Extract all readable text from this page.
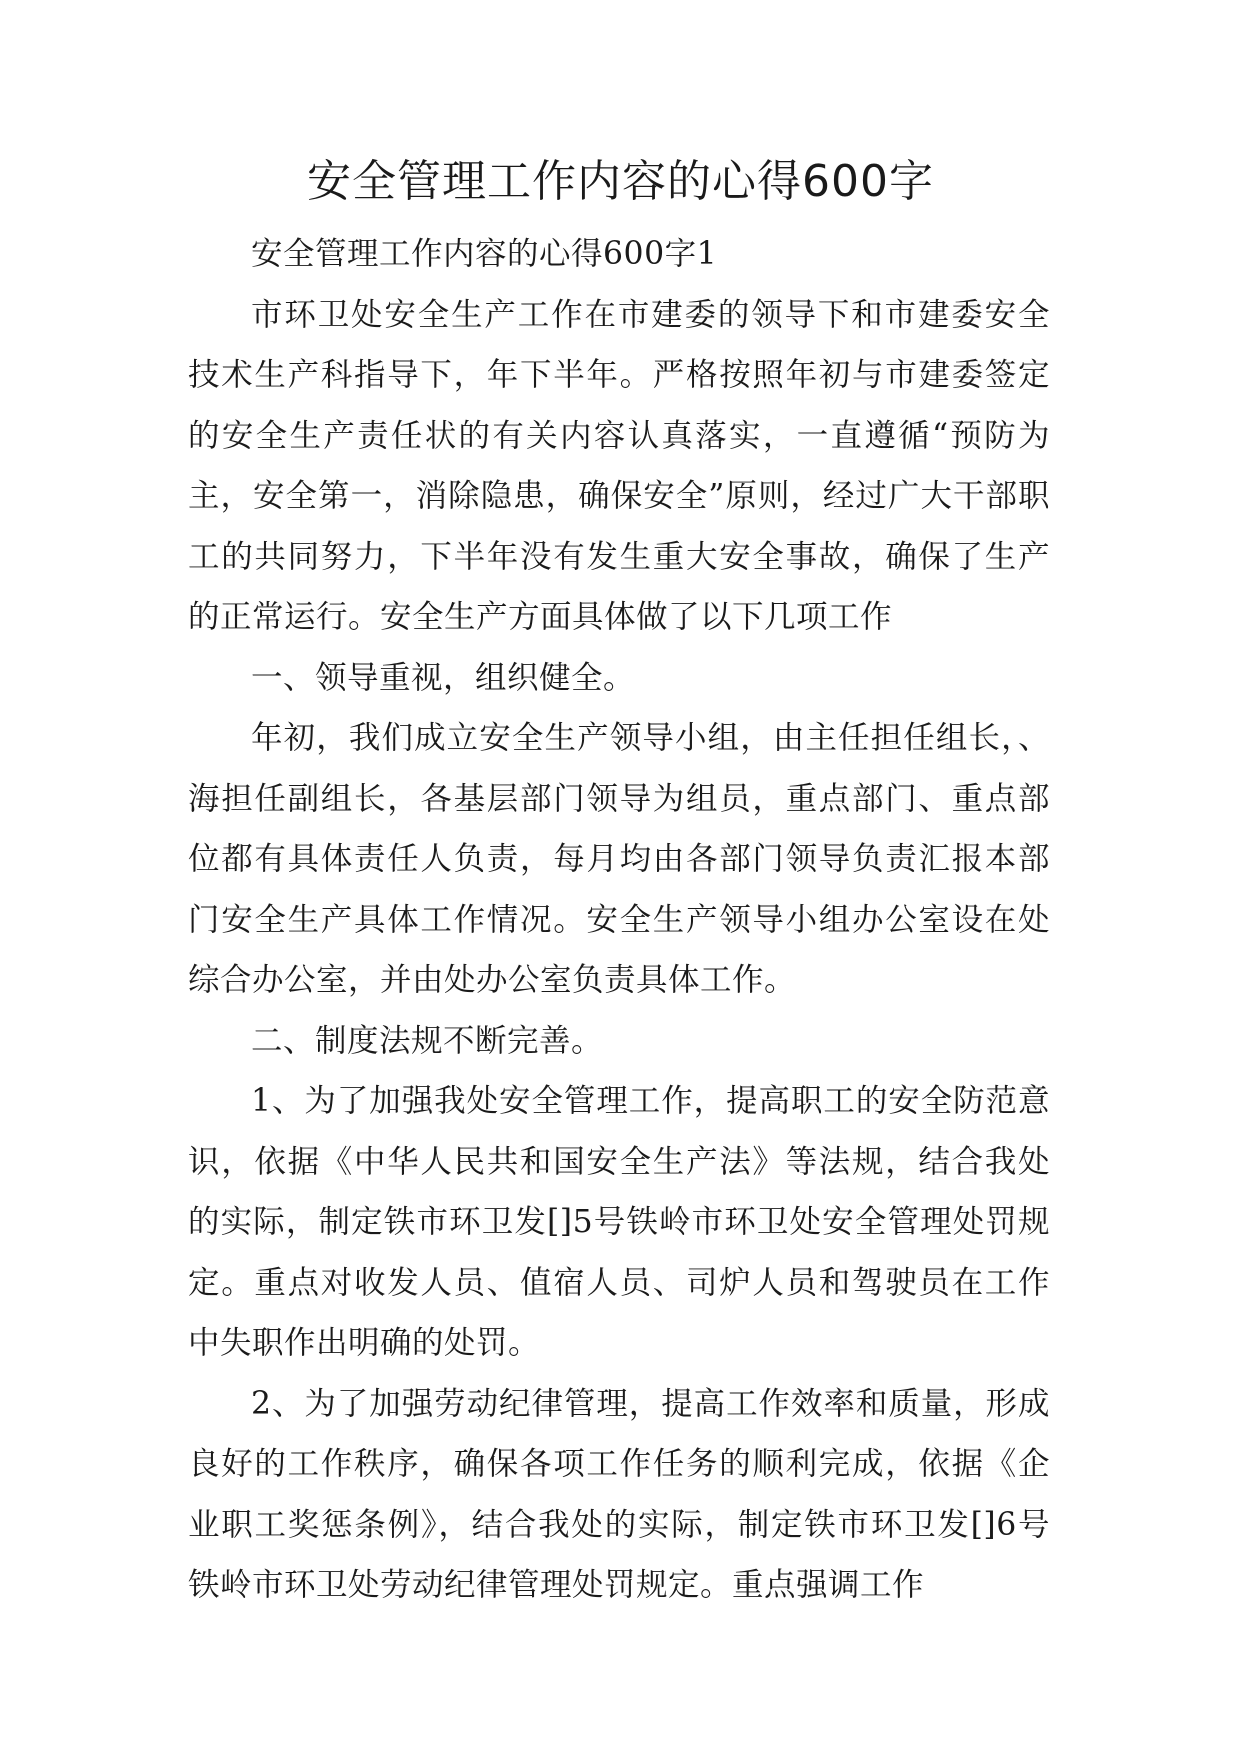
安全管理工作内容的心得600字

安全管理工作内容的心得600字1

市环卫处安全生产工作在市建委的领导下和市建委安全技术生产科指导下，年下半年。严格按照年初与市建委签定的安全生产责任状的有关内容认真落实，一直遵循“预防为主，安全第一，消除隐患，确保安全”原则，经过广大干部职工的共同努力，下半年没有发生重大安全事故，确保了生产的正常运行。安全生产方面具体做了以下几项工作

一、领导重视，组织健全。

年初，我们成立安全生产领导小组，由主任担任组长，、海担任副组长，各基层部门领导为组员，重点部门、重点部位都有具体责任人负责，每月均由各部门领导负责汇报本部门安全生产具体工作情况。安全生产领导小组办公室设在处综合办公室，并由处办公室负责具体工作。

二、制度法规不断完善。

1、为了加强我处安全管理工作，提高职工的安全防范意识，依据《中华人民共和国安全生产法》等法规，结合我处的实际，制定铁市环卫发[]5号铁岭市环卫处安全管理处罚规定。重点对收发人员、值宿人员、司炉人员和驾驶员在工作中失职作出明确的处罚。

2、为了加强劳动纪律管理，提高工作效率和质量，形成良好的工作秩序，确保各项工作任务的顺利完成，依据《企业职工奖惩条例》，结合我处的实际，制定铁市环卫发[]6号铁岭市环卫处劳动纪律管理处罚规定。重点强调工作
